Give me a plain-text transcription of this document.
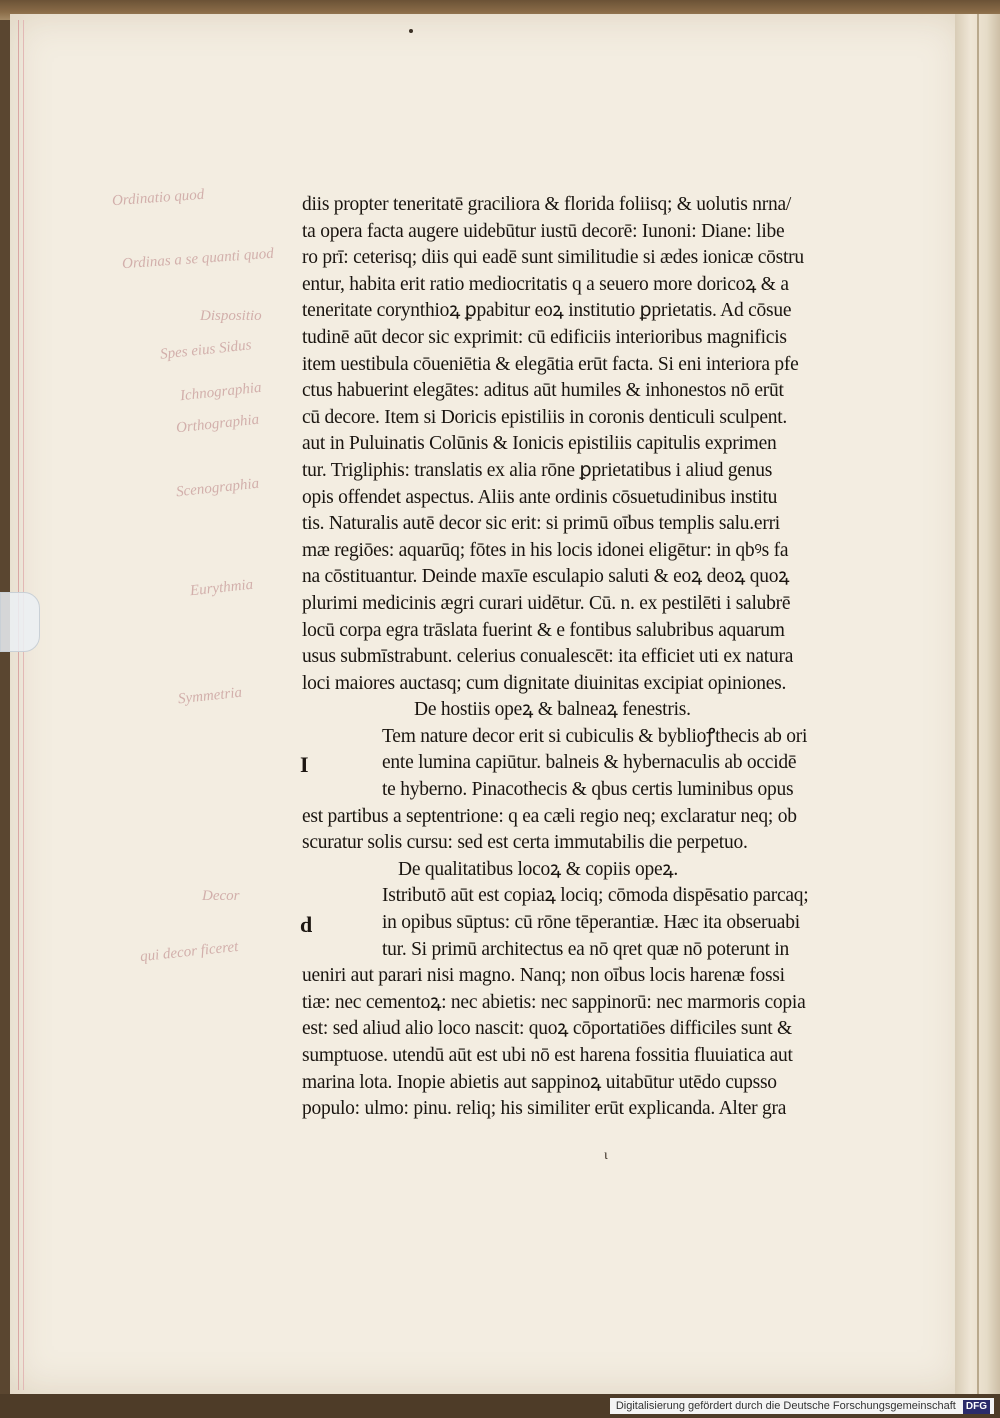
Ordinatio quod
Ordinas a se quanti quod
Dispositio
Spes eius Sidus
Ichnographia
Orthographia
Scenographia
Eurythmia
Symmetria
Decor
qui decor ficeret
I
d
diis propter teneritatē graciliora & florida foliisq; & uolutis nrna/
ta opera facta augere uidebūtur iustū decorē: Iunoni: Diane: libe
ro prī: ceterisq; diis qui eadē sunt similitudie si ædes ionicæ cōstru
entur, habita erit ratio mediocritatis q a seuero more doricoꝝ & a
teneritate corynthioꝝ ꝑpabitur eoꝝ institutio ꝑprietatis. Ad cōsue
tudinē aūt decor sic exprimit: cū edificiis interioribus magnificis
item uestibula cōueniētia & elegātia erūt facta. Si eni interiora pfe
ctus habuerint elegātes: aditus aūt humiles & inhonestos nō erūt
cū decore. Item si Doricis epistiliis in coronis denticuli sculpent.
aut in Puluinatis Colūnis & Ionicis epistiliis capitulis exprimen
tur. Trigliphis: translatis ex alia rōne ꝑprietatibus i aliud genus
opis offendet aspectus. Aliis ante ordinis cōsuetudinibus institu
tis. Naturalis autē decor sic erit: si primū oībus templis salu.erri
mæ regiōes: aquarūq; fōtes in his locis idonei eligētur: in qbꝰs fa
na cōstituantur. Deinde maxīe esculapio saluti & eoꝝ deoꝝ quoꝝ
plurimi medicinis ægri curari uidētur. Cū. n. ex pestilēti i salubrē
locū corpa egra trāslata fuerint & e fontibus salubribus aquarum
usus submīstrabunt. celerius conualescēt: ita efficiet uti ex natura
loci maiores auctasq; cum dignitate diuinitas excipiat opiniones.
De hostiis opeꝝ & balneaꝝ fenestris.
Tem nature decor erit si cubiculis & byblioꝭthecis ab ori
ente lumina capiūtur. balneis & hybernaculis ab occidē
te hyberno. Pinacothecis & qbus certis luminibus opus
est partibus a septentrione: q ea cæli regio neq; exclaratur neq; ob
scuratur solis cursu: sed est certa immutabilis die perpetuo.
De qualitatibus locoꝝ & copiis opeꝝ.
Istributō aūt est copiaꝝ lociq; cōmoda dispēsatio parcaq;
in opibus sūptus: cū rōne tēperantiæ. Hæc ita obseruabi
tur. Si primū architectus ea nō qret quæ nō poterunt in
ueniri aut parari nisi magno. Nanq; non oībus locis harenæ fossi
tiæ: nec cementoꝝ: nec abietis: nec sappinorū: nec marmoris copia
est: sed aliud alio loco nascit: quoꝝ cōportatiōes difficiles sunt &
sumptuose. utendū aūt est ubi nō est harena fossitia fluuiatica aut
marina lota. Inopie abietis aut sappinoꝝ uitabūtur utēdo cupsso
populo: ulmo: pinu. reliq; his similiter erūt explicanda. Alter gra
ι
Digitalisierung gefördert durch die Deutsche Forschungsgemeinschaft DFG
